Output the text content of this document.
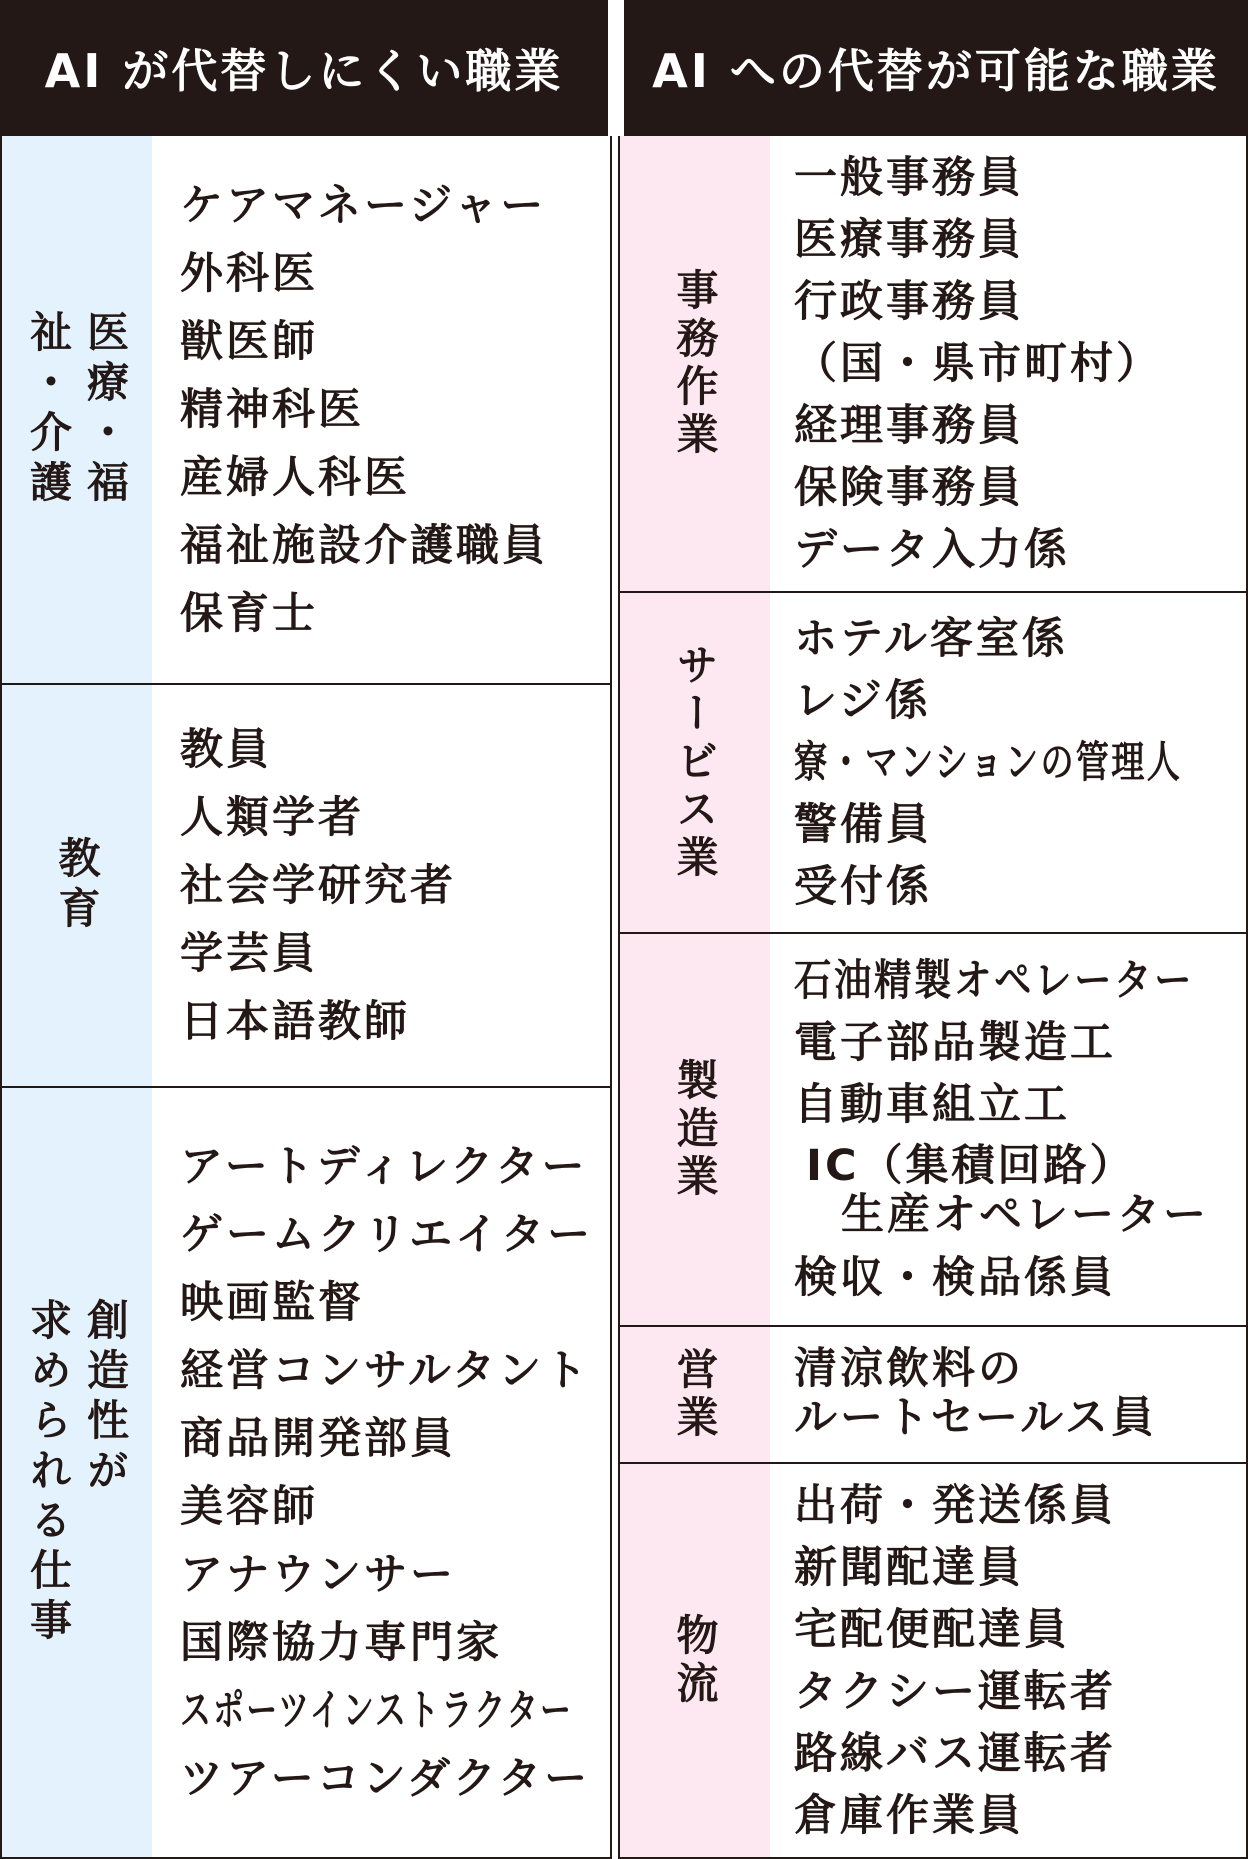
AI が代替しにくい職業 AI への代替が可能な職業
医療・福
祉・介護
ケアマネージャー
外科医
獣医師
精神科医
産婦人科医
福祉施設介護職員
保育士
教育
教員
人類学者
社会学研究者
学芸員
日本語教師
創造性が
求められる仕事
アートディレクター
ゲームクリエイター
映画監督
経営コンサルタント
商品開発部員
美容師
アナウンサー
国際協力専門家
スポーツインストラクター
ツアーコンダクター
事務作業
一般事務員
医療事務員
行政事務員
（国・県市町村）
経理事務員
保険事務員
データ入力係
サービス業
ホテル客室係
レジ係
寮・マンションの管理人
警備員
受付係
製造業
石油精製オペレーター
電子部品製造工
自動車組立工
IC（集積回路）
生産オペレーター
検収・検品係員
営業 清涼飲料の
ルートセールス員
物流
出荷・発送係員
新聞配達員
宅配便配達員
タクシー運転者
路線バス運転者
倉庫作業員
